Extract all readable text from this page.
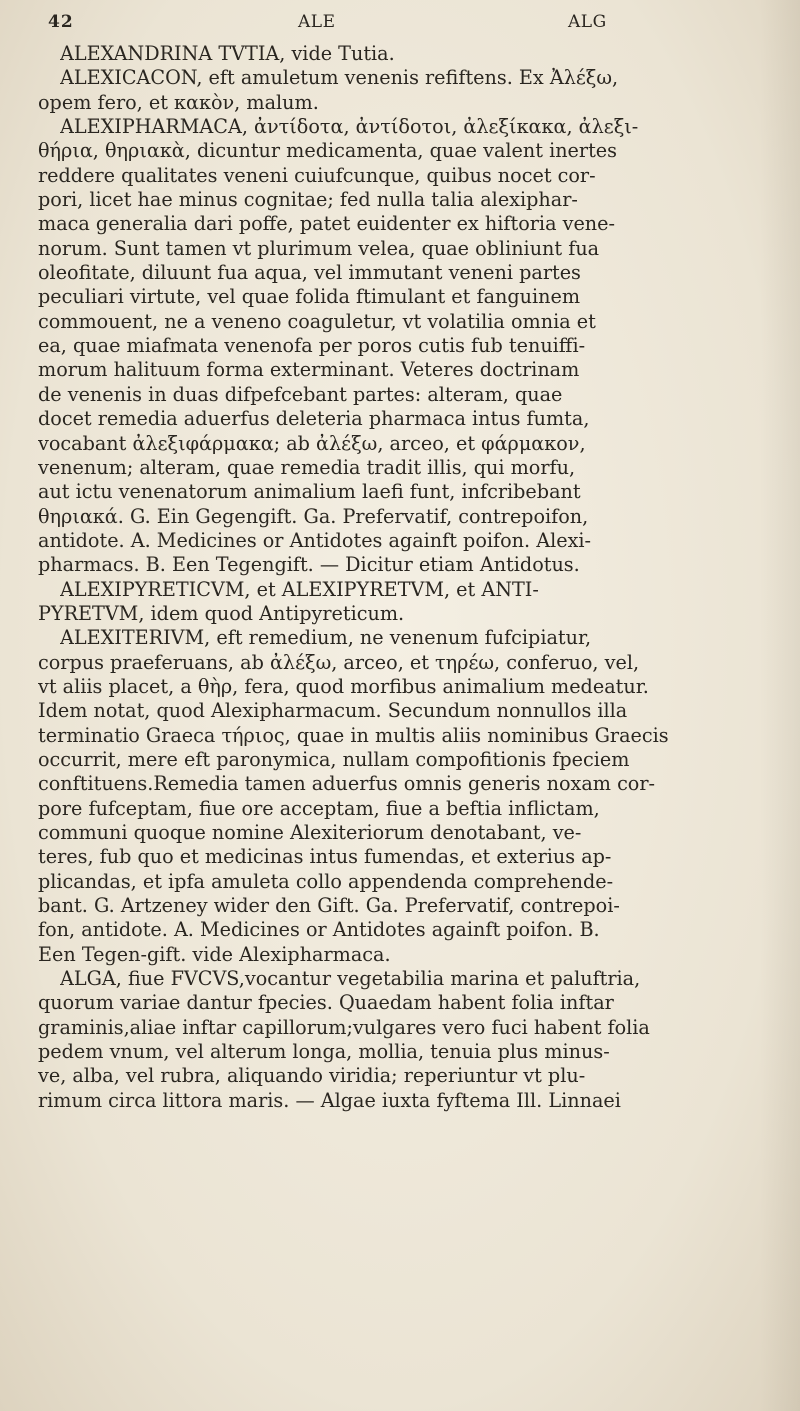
42	ALE	ALG
ALEXANDRINA TVTIA, vide Tutia.
ALEXICACON, eft amuletum venenis refiftens. Ex Ἀλέξω,
opem fero, et κακὸν, malum.
ALEXIPHARMACA, ἀντίδοτα, ἀντίδοτοι, ἀλεξίκακα, ἀλεξι-
θήρια, θηριακὰ, dicuntur medicamenta, quae valent inertes
reddere qualitates veneni cuiufcunque, quibus nocet cor-
pori, licet hae minus cognitae; fed nulla talia alexiphar-
maca generalia dari poffe, patet euidenter ex hiftoria vene-
norum. Sunt tamen vt plurimum velea, quae obliniunt fua
oleofitate, diluunt fua aqua, vel immutant veneni partes
peculiari virtute, vel quae folida ftimulant et fanguinem
commouent, ne a veneno coaguletur, vt volatilia omnia et
ea, quae miafmata venenofa per poros cutis fub tenuiffi-
morum halituum forma exterminant. Veteres doctrinam
de venenis in duas difpefcebant partes: alteram, quae
docet remedia aduerfus deleteria pharmaca intus fumta,
vocabant ἀλεξιφάρμακα; ab ἀλέξω, arceo, et φάρμακον,
venenum; alteram, quae remedia tradit illis, qui morfu,
aut ictu venenatorum animalium laefi funt, infcribebant
θηριακά. G. Ein Gegengift. Ga. Prefervatif, contrepoifon,
antidote. A. Medicines or Antidotes againft poifon. Alexi-
pharmacs. B. Een Tegengift. — Dicitur etiam Antidotus.
ALEXIPYRETICVM, et ALEXIPYRETVM, et ANTI-
PYRETVM, idem quod Antipyreticum.
ALEXITERIVM, eft remedium, ne venenum fufcipiatur,
corpus praeferuans, ab ἀλέξω, arceo, et τηρέω, conferuo, vel,
vt aliis placet, a θὴρ, fera, quod morfibus animalium medeatur.
Idem notat, quod Alexipharmacum. Secundum nonnullos illa
terminatio Graeca τήριος, quae in multis aliis nominibus Graecis
occurrit, mere eft paronymica, nullam compofitionis fpeciem
conftituens.Remedia tamen aduerfus omnis generis noxam cor-
pore fufceptam, fiue ore acceptam, fiue a beftia inflictam,
communi quoque nomine Alexiteriorum denotabant, ve-
teres, fub quo et medicinas intus fumendas, et exterius ap-
plicandas, et ipfa amuleta collo appendenda comprehende-
bant. G. Artzeney wider den Gift. Ga. Prefervatif, contrepoi-
fon, antidote. A. Medicines or Antidotes againft poifon. B.
Een Tegen-gift. vide Alexipharmaca.
ALGA, fiue FVCVS,vocantur vegetabilia marina et paluftria,
quorum variae dantur fpecies. Quaedam habent folia inftar
graminis,aliae inftar capillorum;vulgares vero fuci habent folia
pedem vnum, vel alterum longa, mollia, tenuia plus minus-
ve, alba, vel rubra, aliquando viridia; reperiuntur vt plu-
rimum circa littora maris. — Algae iuxta fyftema Ill. Linnaei
